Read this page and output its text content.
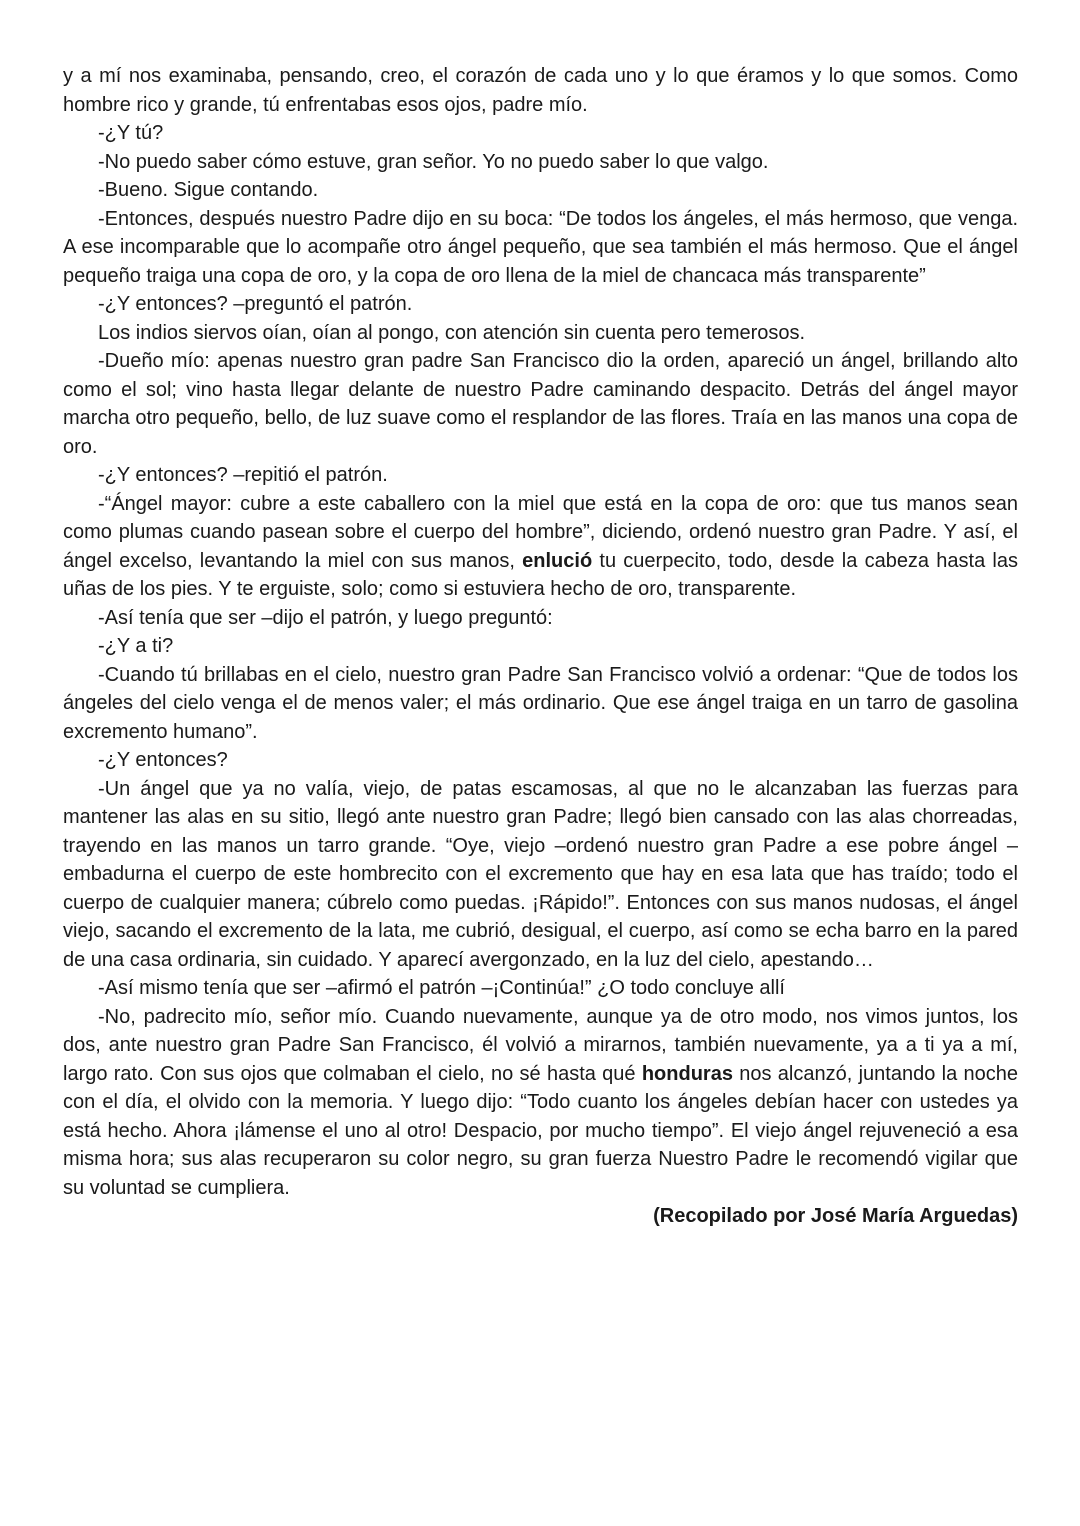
y a mí nos examinaba, pensando, creo, el corazón de cada uno y lo que éramos y lo que somos. Como hombre rico y grande, tú enfrentabas esos ojos, padre mío.

-¿Y tú?

-No puedo saber cómo estuve, gran señor. Yo no puedo saber lo que valgo.

-Bueno. Sigue contando.

-Entonces, después nuestro Padre dijo en su boca: “De todos los ángeles, el más hermoso, que venga. A ese incomparable que lo acompañe otro ángel pequeño, que sea también el más hermoso. Que el ángel pequeño traiga una copa de oro, y la copa de oro llena de la miel de chancaca más transparente”

-¿Y entonces? –preguntó el patrón.

Los indios siervos oían, oían al pongo, con atención sin cuenta pero temerosos.

-Dueño mío: apenas nuestro gran padre San Francisco dio la orden, apareció un ángel, brillando alto como el sol; vino hasta llegar delante de nuestro Padre caminando despacito. Detrás del ángel mayor marcha otro pequeño, bello, de luz suave como el resplandor de las flores. Traía en las manos una copa de oro.

-¿Y entonces? –repitió el patrón.

-“Ángel mayor: cubre a este caballero con la miel que está en la copa de oro: que tus manos sean como plumas cuando pasean sobre el cuerpo del hombre”, diciendo, ordenó nuestro gran Padre. Y así, el ángel excelso, levantando la miel con sus manos, enlució tu cuerpecito, todo, desde la cabeza hasta las uñas de los pies. Y te erguiste, solo; como si estuviera hecho de oro, transparente.

-Así tenía que ser –dijo el patrón, y luego preguntó:

-¿Y a ti?

-Cuando tú brillabas en el cielo, nuestro gran Padre San Francisco volvió a ordenar: “Que de todos los ángeles del cielo venga el de menos valer; el más ordinario. Que ese ángel traiga en un tarro de gasolina excremento humano”.

-¿Y entonces?

-Un ángel que ya no valía, viejo, de patas escamosas, al que no le alcanzaban las fuerzas para mantener las alas en su sitio, llegó ante nuestro gran Padre; llegó bien cansado con las alas chorreadas, trayendo en las manos un tarro grande. “Oye, viejo –ordenó nuestro gran Padre a ese pobre ángel –embadurna el cuerpo de este hombrecito con el excremento que hay en esa lata que has traído; todo el cuerpo de cualquier manera; cúbrelo como puedas. ¡Rápido!”. Entonces con sus manos nudosas, el ángel viejo, sacando el excremento de la lata, me cubrió, desigual, el cuerpo, así como se echa barro en la pared de una casa ordinaria, sin cuidado. Y aparecí avergonzado, en la luz del cielo, apestando…

-Así mismo tenía que ser –afirmó el patrón –¡Continúa!” ¿O todo concluye allí

-No, padrecito mío, señor mío. Cuando nuevamente, aunque ya de otro modo, nos vimos juntos, los dos, ante nuestro gran Padre San Francisco, él volvió a mirarnos, también nuevamente, ya a ti ya a mí, largo rato. Con sus ojos que colmaban el cielo, no sé hasta qué honduras nos alcanzó, juntando la noche con el día, el olvido con la memoria. Y luego dijo: “Todo cuanto los ángeles debían hacer con ustedes ya está hecho. Ahora ¡lámense el uno al otro! Despacio, por mucho tiempo”. El viejo ángel rejuveneció a esa misma hora; sus alas recuperaron su color negro, su gran fuerza Nuestro Padre le recomendó vigilar que su voluntad se cumpliera.

(Recopilado por José María Arguedas)
